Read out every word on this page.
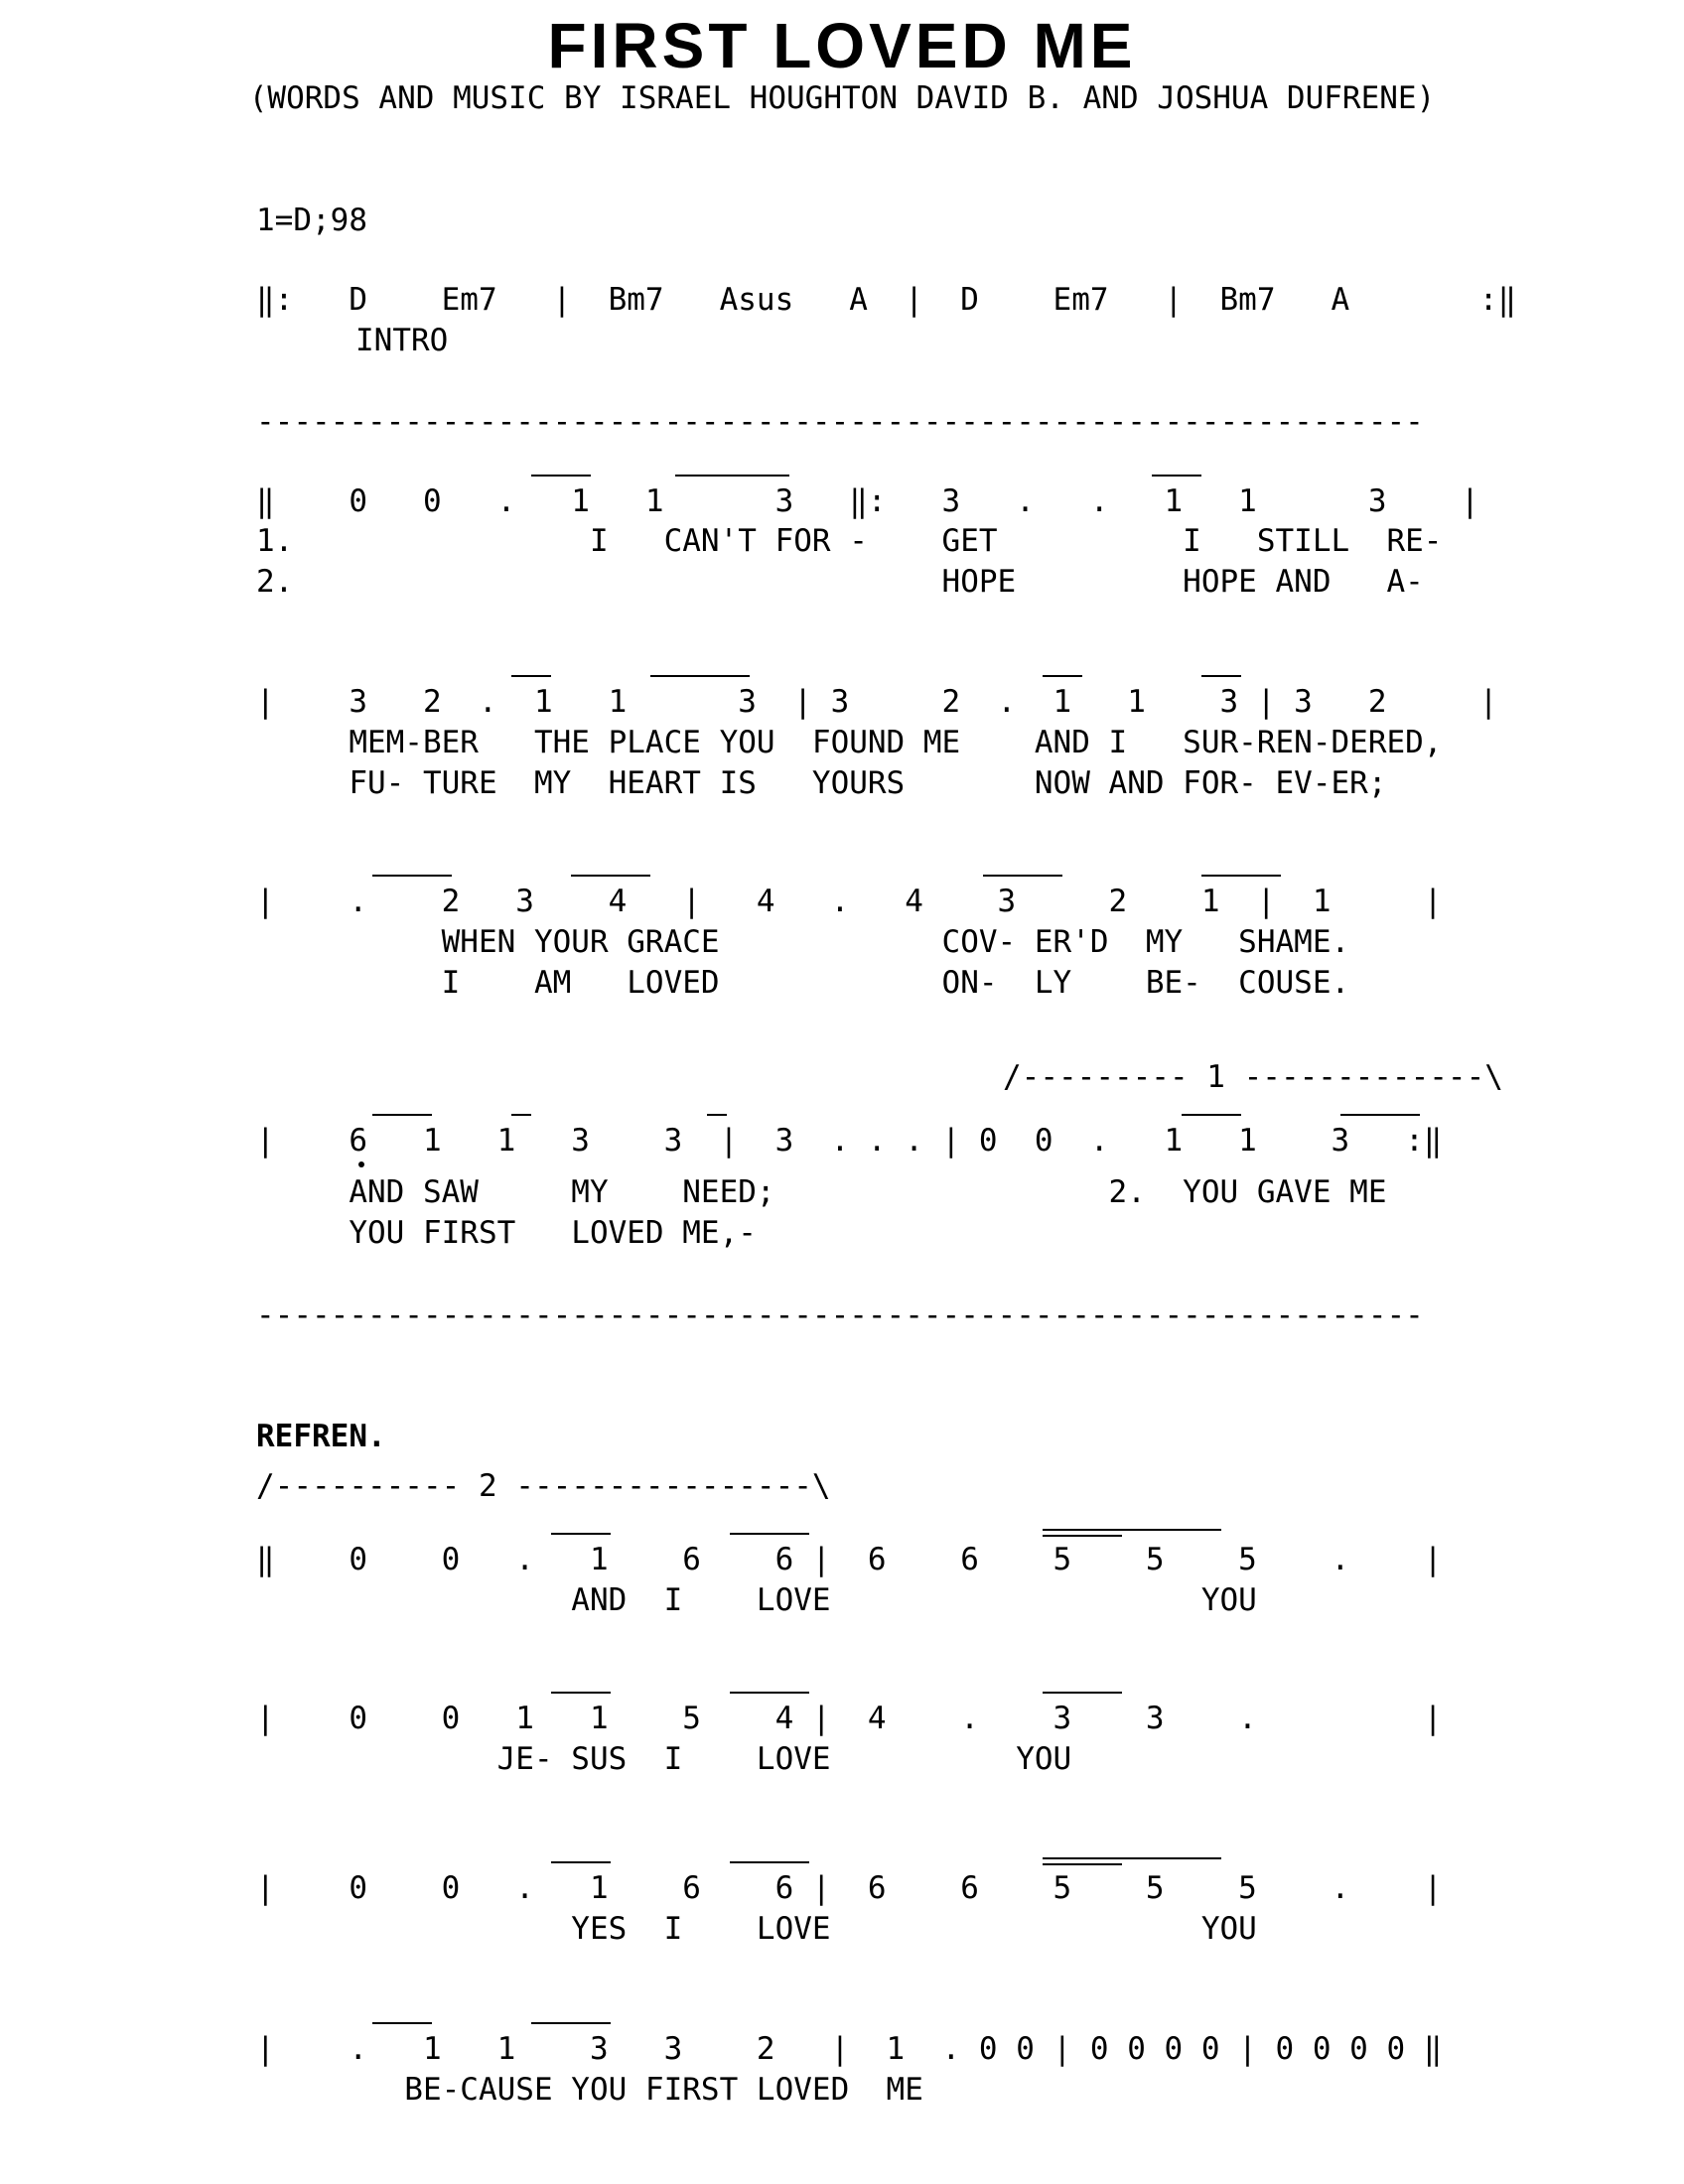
FIRST LOVED ME
(WORDS AND MUSIC BY ISRAEL HOUGHTON DAVID B. AND JOSHUA DUFRENE)
1=D;98
‖:   D    Em7   |  Bm7   Asus   A  |  D    Em7   |  Bm7   A       :‖
INTRO
---------------------------------------------------------------
‖    0   0   .   1   1      3   ‖:   3   .   .   1   1      3    |
1.                I   CAN'T FOR -    GET          I   STILL  RE-
2.                                   HOPE         HOPE AND   A-
|    3   2  .  1   1      3  | 3     2  .  1   1    3 | 3   2     |
MEM-BER   THE PLACE YOU  FOUND ME    AND I   SUR-REN-DERED,
FU- TURE  MY  HEART IS   YOURS       NOW AND FOR- EV-ER;
|    .    2   3    4   |   4   .   4    3     2    1  |  1     |
WHEN YOUR GRACE            COV- ER'D  MY   SHAME.
I    AM   LOVED            ON-  LY    BE-  COUSE.
/--------- 1 -------------\
|    6   1   1   3    3  |  3  . . . | 0  0  .   1   1    3   :‖
AND SAW     MY    NEED;                  2.  YOU GAVE ME
YOU FIRST   LOVED ME,-
---------------------------------------------------------------
REFREN.
/---------- 2 ----------------\
‖    0    0   .   1    6    6 |  6    6    5    5    5    .    |
AND  I    LOVE                    YOU
|    0    0   1   1    5    4 |  4    .    3    3    .         |
JE- SUS  I    LOVE          YOU
|    0    0   .   1    6    6 |  6    6    5    5    5    .    |
YES  I    LOVE                    YOU
|    .   1   1    3   3    2   |  1  . 0 0 | 0 0 0 0 | 0 0 0 0 ‖
BE-CAUSE YOU FIRST LOVED  ME
